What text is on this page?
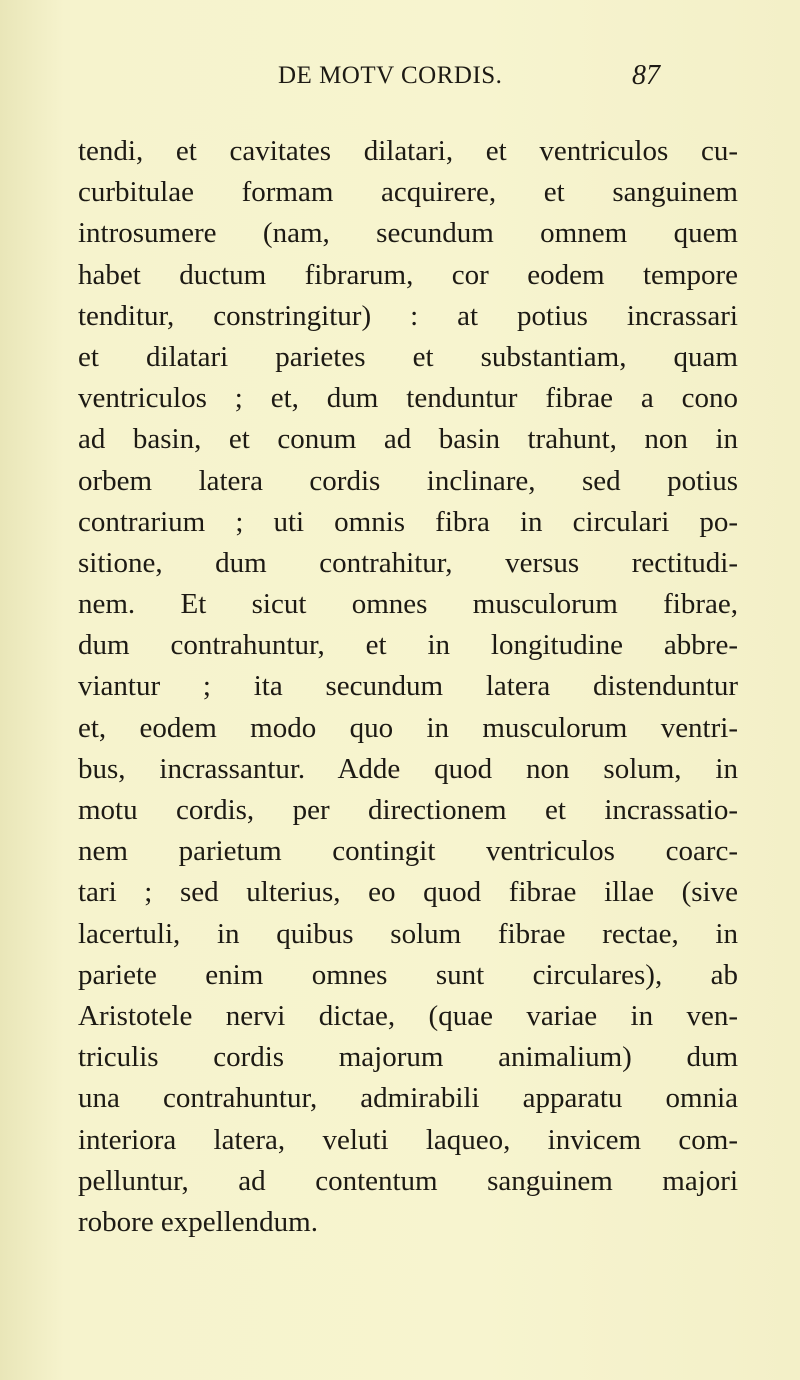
DE MOTV CORDIS.	87
tendi, et cavitates dilatari, et ventriculos cu-
curbitulae formam acquirere, et sanguinem
introsumere (nam, secundum omnem quem
habet ductum fibrarum, cor eodem tempore
tenditur, constringitur) : at potius incrassari
et dilatari parietes et substantiam, quam
ventriculos ; et, dum tenduntur fibrae a cono
ad basin, et conum ad basin trahunt, non in
orbem latera cordis inclinare, sed potius
contrarium ; uti omnis fibra in circulari po-
sitione, dum contrahitur, versus rectitudi-
nem. Et sicut omnes musculorum fibrae,
dum contrahuntur, et in longitudine abbre-
viantur ; ita secundum latera distenduntur
et, eodem modo quo in musculorum ventri-
bus, incrassantur. Adde quod non solum, in
motu cordis, per directionem et incrassatio-
nem parietum contingit ventriculos coarc-
tari ; sed ulterius, eo quod fibrae illae (sive
lacertuli, in quibus solum fibrae rectae, in
pariete enim omnes sunt circulares), ab
Aristotele nervi dictae, (quae variae in ven-
triculis cordis majorum animalium) dum
una contrahuntur, admirabili apparatu omnia
interiora latera, veluti laqueo, invicem com-
pelluntur, ad contentum sanguinem majori
robore expellendum.
